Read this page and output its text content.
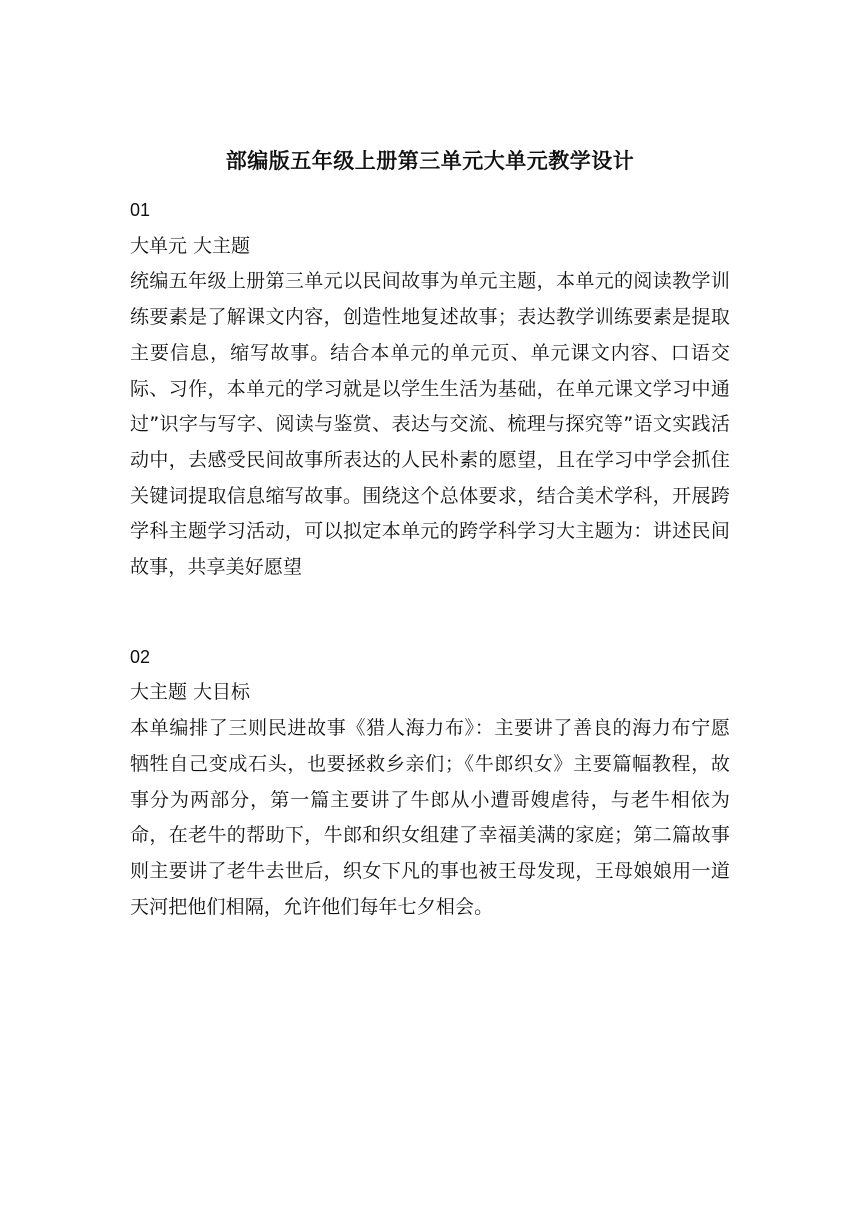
部编版五年级上册第三单元大单元教学设计

01

大单元 大主题

统编五年级上册第三单元以民间故事为单元主题，本单元的阅读教学训练要素是了解课文内容，创造性地复述故事；表达教学训练要素是提取主要信息，缩写故事。结合本单元的单元页、单元课文内容、口语交际、习作，本单元的学习就是以学生生活为基础，在单元课文学习中通过”识字与写字、阅读与鉴赏、表达与交流、梳理与探究等”语文实践活动中，去感受民间故事所表达的人民朴素的愿望，且在学习中学会抓住关键词提取信息缩写故事。围绕这个总体要求，结合美术学科，开展跨学科主题学习活动，可以拟定本单元的跨学科学习大主题为：讲述民间故事，共享美好愿望

02

大主题 大目标

本单编排了三则民进故事《猎人海力布》：主要讲了善良的海力布宁愿牺牲自己变成石头，也要拯救乡亲们；《牛郎织女》主要篇幅教程，故事分为两部分，第一篇主要讲了牛郎从小遭哥嫂虐待，与老牛相依为命，在老牛的帮助下，牛郎和织女组建了幸福美满的家庭；第二篇故事则主要讲了老牛去世后，织女下凡的事也被王母发现，王母娘娘用一道天河把他们相隔，允许他们每年七夕相会。
